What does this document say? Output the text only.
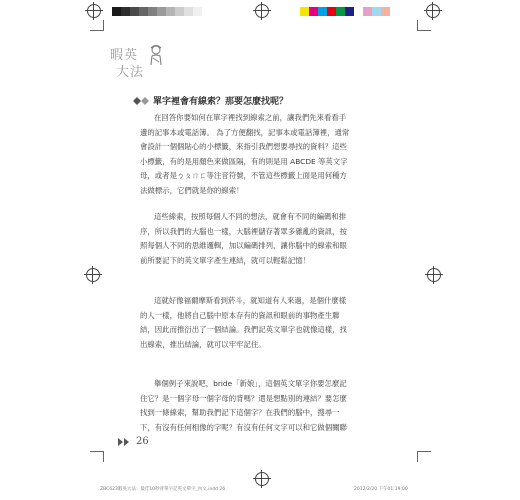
暇英
大法
單字裡會有線索？那要怎麼找呢？

在回答你要如何在單字裡找到線索之前，讓我們先來看看手

邊的記事本或電話簿。 為了方便翻找，記事本或電話簿裡，通常

會設計一個個貼心的小標籤，來指引我們想要尋找的資料？這些

小標籤，有的是用顏色來做區隔，有的則是用 ABCDE 等英文字

母，或者是ㄅㄆㄇㄈ等注音符號，不管這些標籤上面是用何種方

法做標示，它們就是你的線索！

這些線索，按照每個人不同的想法，就會有不同的編碼和排

序，所以我們的大腦也一樣，大腦裡儲存著眾多雜亂的資訊，按

照每個人不同的思維邏輯，加以編碼排列，讓你腦中的線索和眼

前所要記下的英文單字產生連結，就可以輕鬆記憶！

這就好像福爾摩斯看到菸斗，就知道有人來過，是個什麼樣

的人一樣，他將自己腦中原本存有的資訊和眼前的事物產生聯

結，因此而推衍出了一個結論。我們記英文單字也就像這樣，找

出線索，推出結論，就可以牢牢記住。

舉個例子來說吧，bride「新娘」，這個英文單字你要怎麼記

住它？是一個字母一個字母的背嗎？還是想點別的連結？要怎麼

找到一條線索，幫助我們記下這個字？在我們的腦中，搜尋一

下，有沒有任何相像的字呢？有沒有任何文字可以和它做個關聯

26
ZBC623暇英大法：最佳10秒背單字記英文單字_內文.indd 26	2012/2/20 下午01:19:00
